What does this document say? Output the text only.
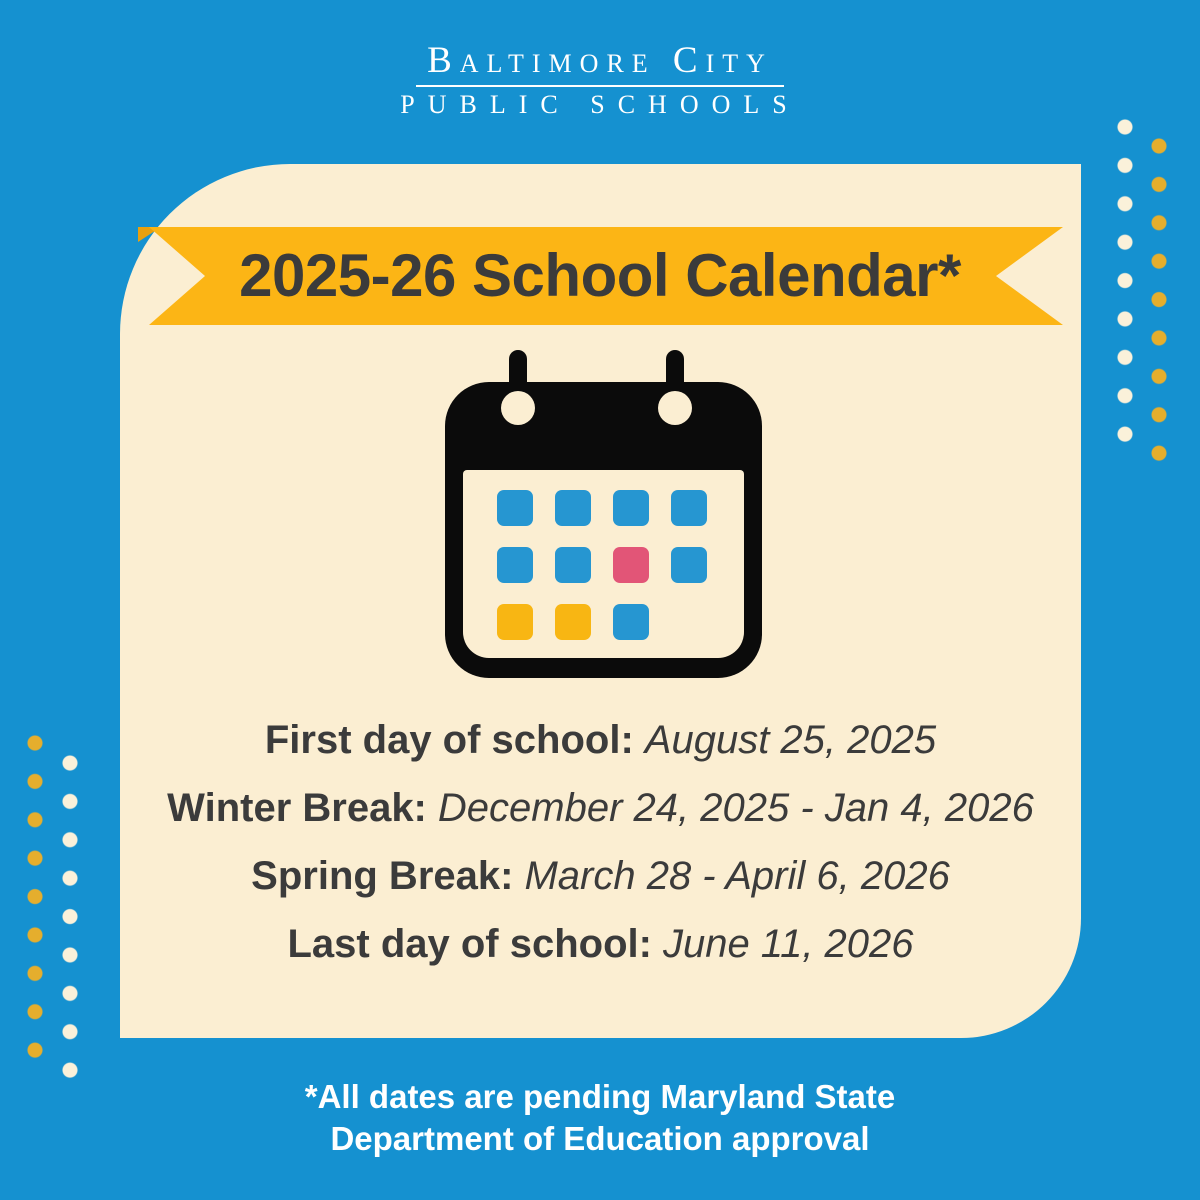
Baltimore City
PUBLIC SCHOOLS
2025-26 School Calendar*
First day of school: August 25, 2025
Winter Break: December 24, 2025 - Jan 4, 2026
Spring Break: March 28 - April 6, 2026
Last day of school: June 11, 2026
*All dates are pending Maryland State
Department of Education approval
